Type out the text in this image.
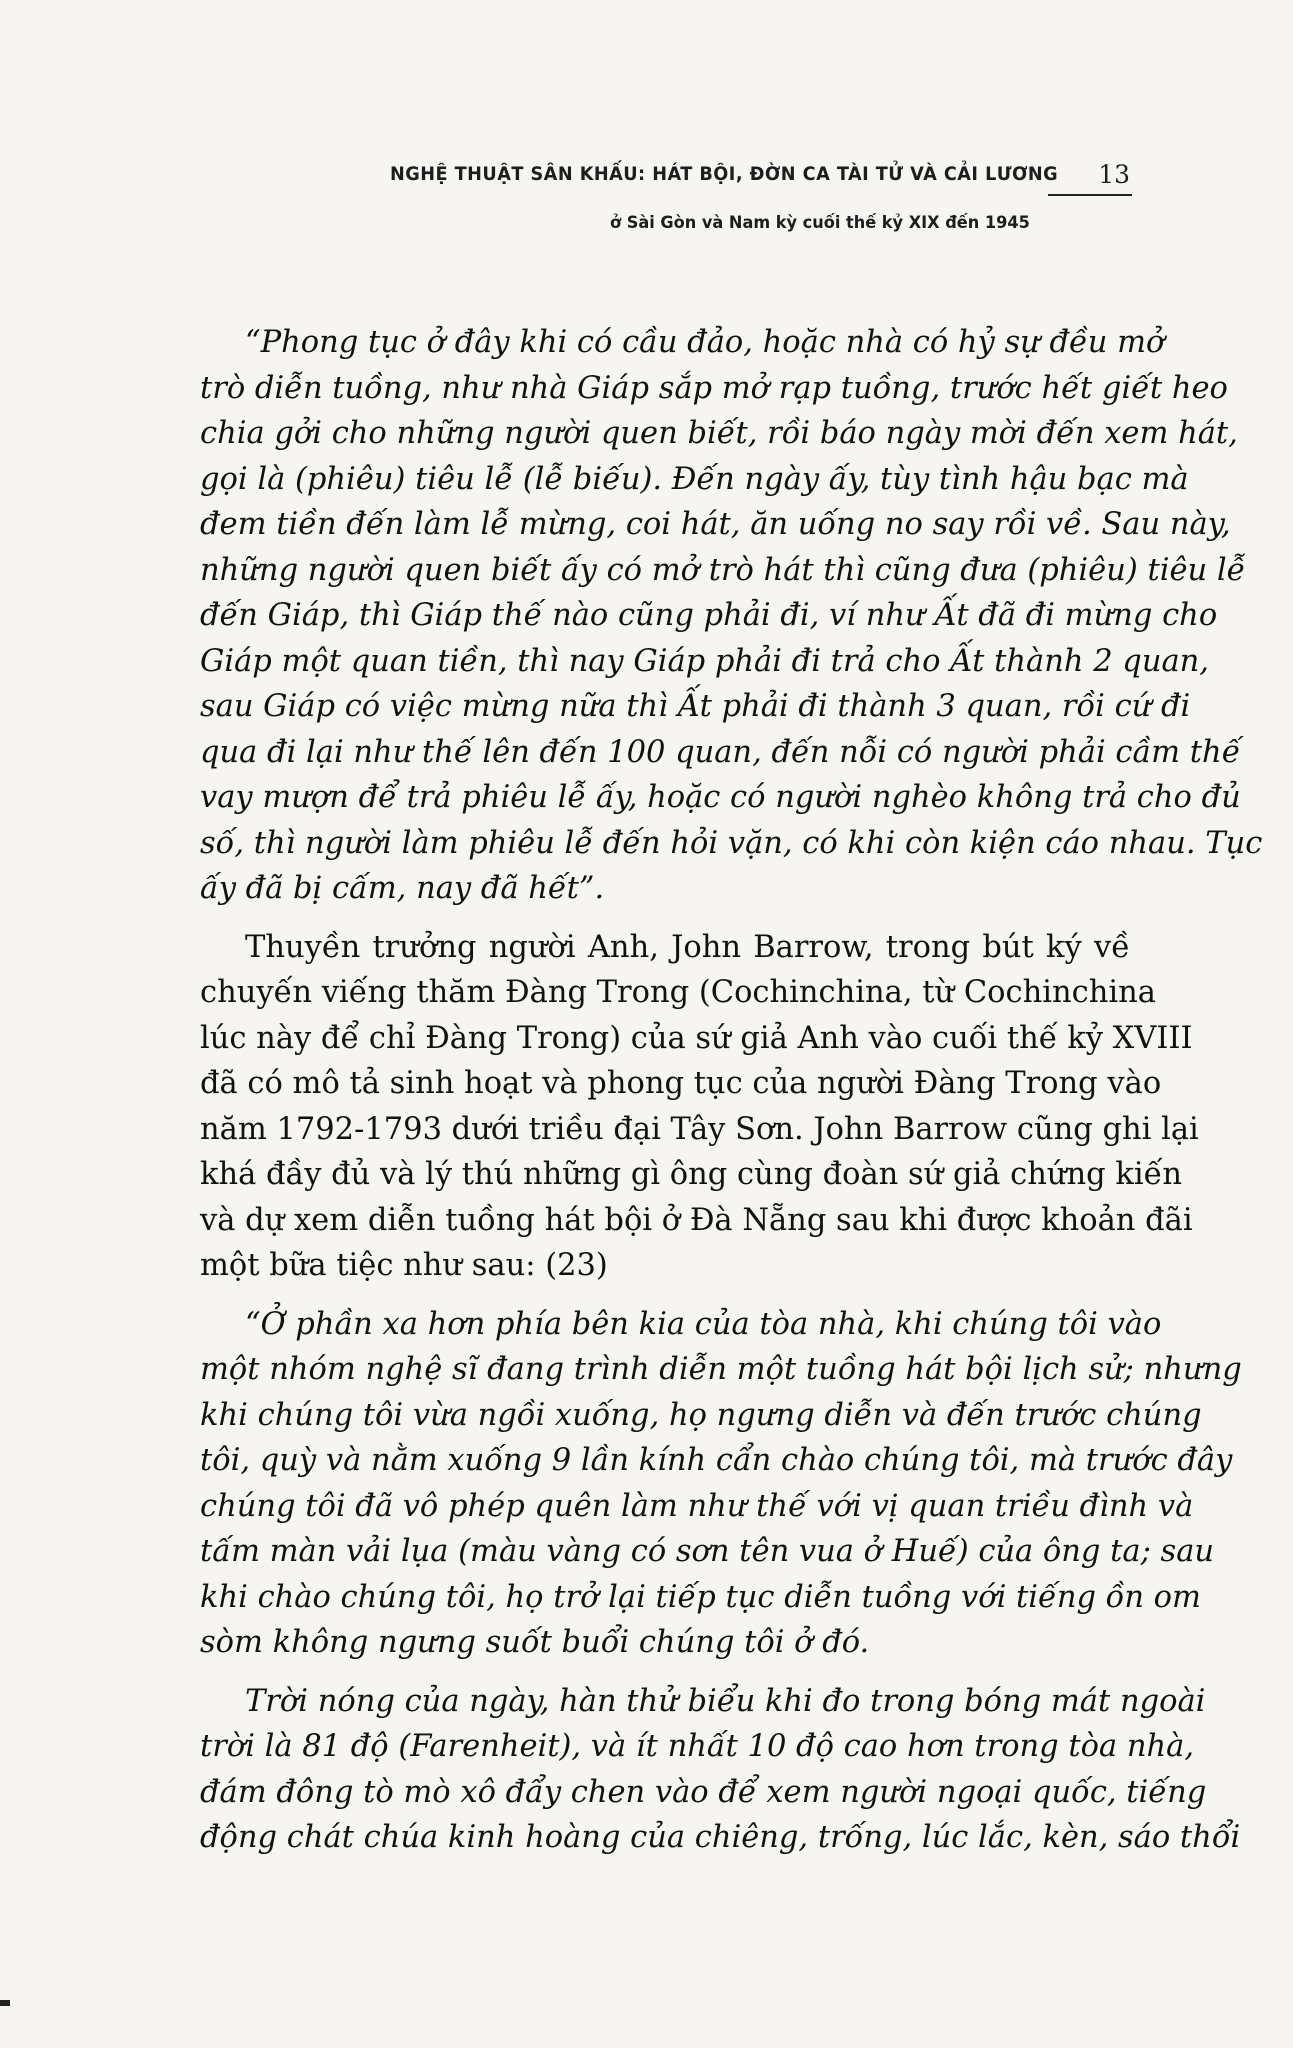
NGHỆ THUẬT SÂN KHẤU: HÁT BỘI, ĐỜN CA TÀI TỬ VÀ CẢI LƯƠNG
ở Sài Gòn và Nam kỳ cuối thế kỷ XIX đến 1945
13

“Phong tục ở đây khi có cầu đảo, hoặc nhà có hỷ sự đều mở
trò diễn tuồng, như nhà Giáp sắp mở rạp tuồng, trước hết giết heo
chia gởi cho những người quen biết, rồi báo ngày mời đến xem hát,
gọi là (phiêu) tiêu lễ (lễ biếu). Đến ngày ấy, tùy tình hậu bạc mà
đem tiền đến làm lễ mừng, coi hát, ăn uống no say rồi về. Sau này,
những người quen biết ấy có mở trò hát thì cũng đưa (phiêu) tiêu lễ
đến Giáp, thì Giáp thế nào cũng phải đi, ví như Ất đã đi mừng cho
Giáp một quan tiền, thì nay Giáp phải đi trả cho Ất thành 2 quan,
sau Giáp có việc mừng nữa thì Ất phải đi thành 3 quan, rồi cứ đi
qua đi lại như thế lên đến 100 quan, đến nỗi có người phải cầm thế
vay mượn để trả phiêu lễ ấy, hoặc có người nghèo không trả cho đủ
số, thì người làm phiêu lễ đến hỏi vặn, có khi còn kiện cáo nhau. Tục
ấy đã bị cấm, nay đã hết”.

Thuyền trưởng người Anh, John Barrow, trong bút ký về
chuyến viếng thăm Đàng Trong (Cochinchina, từ Cochinchina
lúc này để chỉ Đàng Trong) của sứ giả Anh vào cuối thế kỷ XVIII
đã có mô tả sinh hoạt và phong tục của người Đàng Trong vào
năm 1792-1793 dưới triều đại Tây Sơn. John Barrow cũng ghi lại
khá đầy đủ và lý thú những gì ông cùng đoàn sứ giả chứng kiến
và dự xem diễn tuồng hát bội ở Đà Nẵng sau khi được khoản đãi
một bữa tiệc như sau: (23)

“Ở phần xa hơn phía bên kia của tòa nhà, khi chúng tôi vào
một nhóm nghệ sĩ đang trình diễn một tuồng hát bội lịch sử; nhưng
khi chúng tôi vừa ngồi xuống, họ ngưng diễn và đến trước chúng
tôi, quỳ và nằm xuống 9 lần kính cẩn chào chúng tôi, mà trước đây
chúng tôi đã vô phép quên làm như thế với vị quan triều đình và
tấm màn vải lụa (màu vàng có sơn tên vua ở Huế) của ông ta; sau
khi chào chúng tôi, họ trở lại tiếp tục diễn tuồng với tiếng ồn om
sòm không ngưng suốt buổi chúng tôi ở đó.

Trời nóng của ngày, hàn thử biểu khi đo trong bóng mát ngoài
trời là 81 độ (Farenheit), và ít nhất 10 độ cao hơn trong tòa nhà,
đám đông tò mò xô đẩy chen vào để xem người ngoại quốc, tiếng
động chát chúa kinh hoàng của chiêng, trống, lúc lắc, kèn, sáo thổi
